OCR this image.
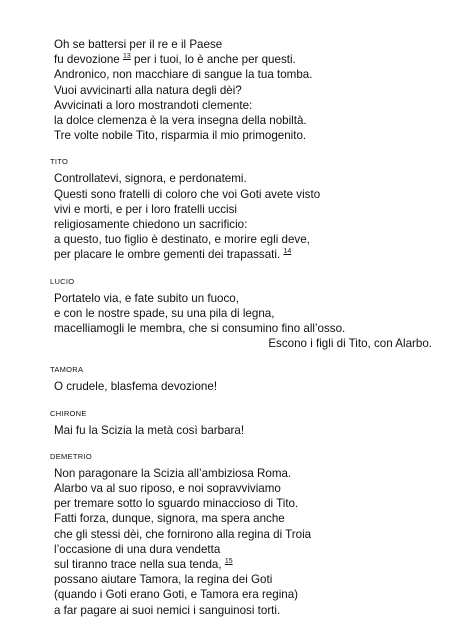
Oh se battersi per il re e il Paese
fu devozione $^{13}$ per i tuoi, lo è anche per questi.
Andronico, non macchiare di sangue la tua tomba.
Vuoi avvicinarti alla natura degli dèi?
Avvicinati a loro mostrandoti clemente:
la dolce clemenza è la vera insegna della nobiltà.
Tre volte nobile Tito, risparmia il mio primogenito.
TITO
Controllatevi, signora, e perdonatemi.
Questi sono fratelli di coloro che voi Goti avete visto
vivi e morti, e per i loro fratelli uccisi
religiosamente chiedono un sacrificio:
a questo, tuo figlio è destinato, e morire egli deve,
per placare le ombre gementi dei trapassati. $^{14}$
LUCIO
Portatelo via, e fate subito un fuoco,
e con le nostre spade, su una pila di legna,
macelliamogli le membra, che si consumino fino all’osso.
Escono i figli di Tito, con Alarbo.
TAMORA
O crudele, blasfema devozione!
CHIRONE
Mai fu la Scizia la metà così barbara!
DEMETRIO
Non paragonare la Scizia all’ambiziosa Roma.
Alarbo va al suo riposo, e noi sopravviviamo
per tremare sotto lo sguardo minaccioso di Tito.
Fatti forza, dunque, signora, ma spera anche
che gli stessi dèi, che fornirono alla regina di Troia
l’occasione di una dura vendetta
sul tiranno trace nella sua tenda, $^{15}$
possano aiutare Tamora, la regina dei Goti
(quando i Goti erano Goti, e Tamora era regina)
a far pagare ai suoi nemici i sanguinosi torti.
